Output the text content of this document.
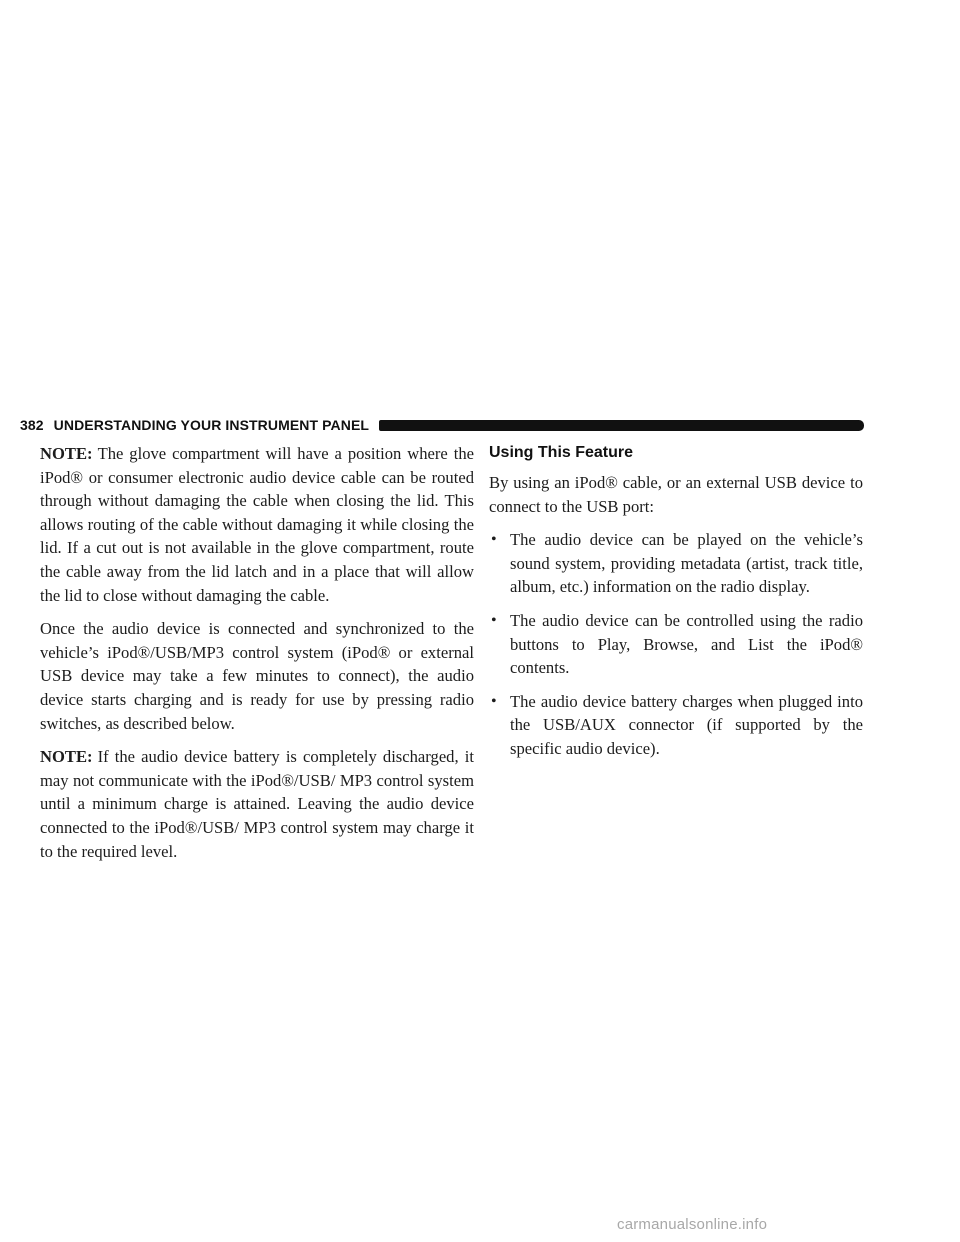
382 UNDERSTANDING YOUR INSTRUMENT PANEL

NOTE: The glove compartment will have a position where the iPod® or consumer electronic audio device cable can be routed through without damaging the cable when closing the lid. This allows routing of the cable without damaging it while closing the lid. If a cut out is not available in the glove compartment, route the cable away from the lid latch and in a place that will allow the lid to close without damaging the cable.

Once the audio device is connected and synchronized to the vehicle’s iPod®/USB/MP3 control system (iPod® or external USB device may take a few minutes to connect), the audio device starts charging and is ready for use by pressing radio switches, as described below.

NOTE: If the audio device battery is completely discharged, it may not communicate with the iPod®/USB/ MP3 control system until a minimum charge is attained. Leaving the audio device connected to the iPod®/USB/ MP3 control system may charge it to the required level.

Using This Feature

By using an iPod® cable, or an external USB device to connect to the USB port:

• The audio device can be played on the vehicle’s sound system, providing metadata (artist, track title, album, etc.) information on the radio display.
• The audio device can be controlled using the radio buttons to Play, Browse, and List the iPod® contents.
• The audio device battery charges when plugged into the USB/AUX connector (if supported by the specific audio device).
carmanualsonline.info
